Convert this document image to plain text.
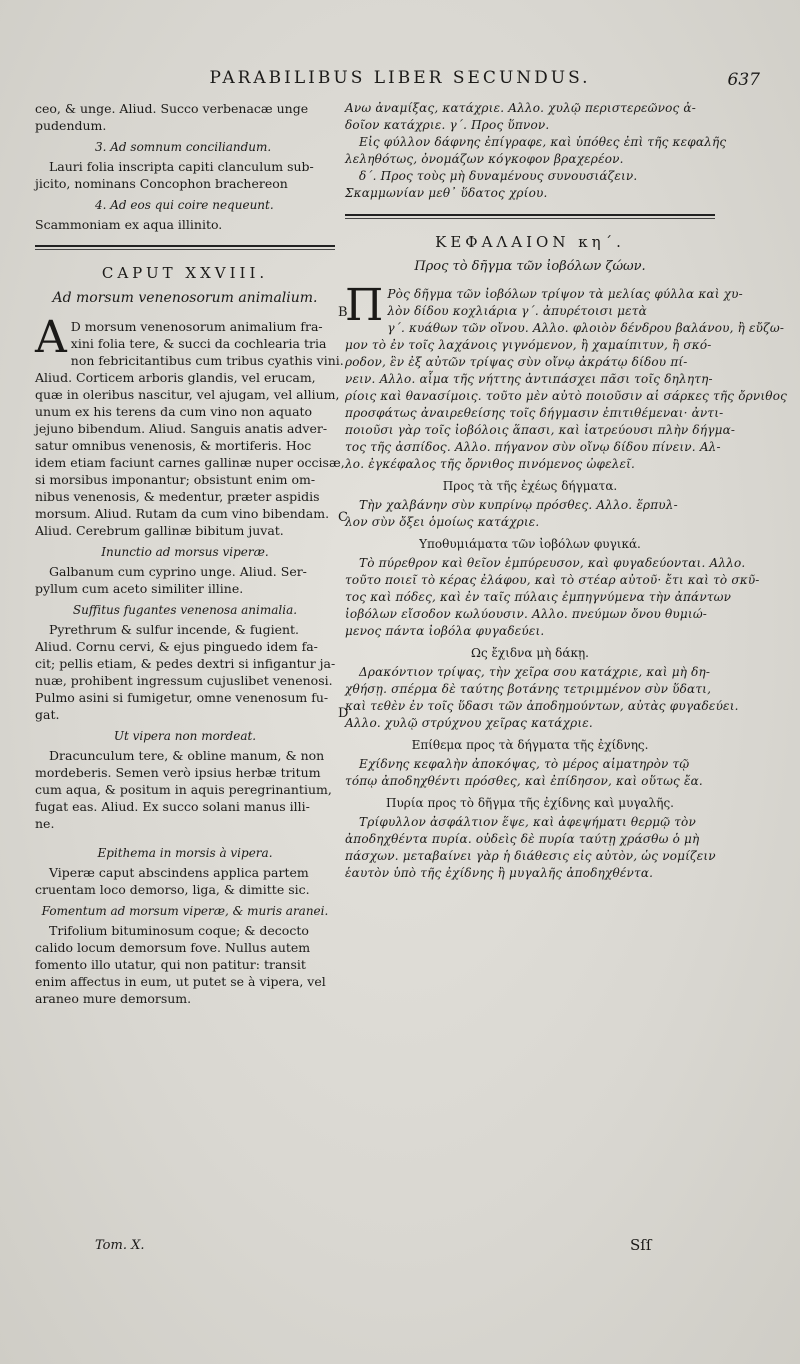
PARABILIBUS LIBER SECUNDUS.	637
ceo, & unge. Aliud. Succo verbenacæ unge
pudendum.
3. Ad somnum conciliandum.
Lauri folia inscripta capiti clanculum sub-
jicito, nominans Concophon brachereon
4. Ad eos qui coire nequeunt.
Scammoniam ex aqua illinito.
CAPUT XXVIII.
Ad morsum venenosorum animalium.
A D morsum venenosorum animalium fra-
xini folia tere, & succi da cochlearia tria
non febricitantibus cum tribus cyathis vini.
Aliud. Corticem arboris glandis, vel erucam,
quæ in oleribus nascitur, vel ajugam, vel allium,
unum ex his terens da cum vino non aquato
jejuno bibendum. Aliud. Sanguis anatis adver-
satur omnibus venenosis, & mortiferis. Hoc
idem etiam faciunt carnes gallinæ nuper occisæ,
si morsibus imponantur; obsistunt enim om-
nibus venenosis, & medentur, præter aspidis
morsum. Aliud. Rutam da cum vino bibendam.
Aliud. Cerebrum gallinæ bibitum juvat.
Inunctio ad morsus viperæ.
Galbanum cum cyprino unge. Aliud. Ser-
pyllum cum aceto similiter illine.
Suffitus fugantes venenosa animalia.
Pyrethrum & sulfur incende, & fugient.
Aliud. Cornu cervi, & ejus pinguedo idem fa-
cit; pellis etiam, & pedes dextri si infigantur ja-
nuæ, prohibent ingressum cujuslibet venenosi.
Pulmo asini si fumigetur, omne venenosum fu-
gat.
Ut vipera non mordeat.
Dracunculum tere, & obline manum, & non
mordeberis. Semen verò ipsius herbæ tritum
cum aqua, & positum in aquis peregrinantium,
fugat eas. Aliud. Ex succo solani manus illi-
ne.
Epithema in morsis à vipera.
Viperæ caput abscindens applica partem
cruentam loco demorso, liga, & dimitte sic.
Fomentum ad morsum viperæ, & muris aranei.
Trifolium bituminosum coque; & decocto
calido locum demorsum fove. Nullus autem
fomento illo utatur, qui non patitur: transit
enim affectus in eum, ut putet se à vipera, vel
araneo mure demorsum.
B
C
D
Ανω ἀναμίξας, κατάχριε. Αλλο. χυλῷ περιστερεῶνος ἀ-
δοῖον κατάχριε. γ΄. Προς ὕπνον.
Εἰς φύλλον δάφνης ἐπίγραφε, καὶ ὑπόθες ἐπὶ τῆς κεφαλῆς
λεληθότως, ὀνομάζων κόγκοφον βραχερέον.
δ΄. Προς τοὺς μὴ δυναμένους συνουσιάζειν.
Σκαμμωνίαν μεθ᾽ ὕδατος χρίου.
ΚΕΦΑΛΑΙΟΝ κη΄.
Προς τὸ δῆγμα τῶν ἰοβόλων ζώων.
Π Ρὸς δῆγμα τῶν ἰοβόλων τρίψον τὰ μελίας φύλλα καὶ χυ-
λὸν δίδου κοχλιάρια γ΄. ἀπυρέτοισι μετὰ
γ΄. κυάθων τῶν οἴνου. Αλλο. φλοιὸν δένδρου βαλάνου, ἢ εὔζω-
μον τὸ ἐν τοῖς λαχάνοις γιγνόμενον, ἢ χαμαίπιτυν, ἢ σκό-
ροδον, ἓν ἐξ αὐτῶν τρίψας σὺν οἴνῳ ἀκράτῳ δίδου πί-
νειν. Αλλο. αἷμα τῆς νήττης ἀντιπάσχει πᾶσι τοῖς δηλητη-
ρίοις καὶ θανασίμοις. τοῦτο μὲν αὐτὸ ποιοῦσιν αἱ σάρκες τῆς ὄρνιθος
προσφάτως ἀναιρεθείσης τοῖς δήγμασιν ἐπιτιθέμεναι· ἀντι-
ποιοῦσι γὰρ τοῖς ἰοβόλοις ἅπασι, καὶ ἰατρεύουσι πλὴν δήγμα-
τος τῆς ἀσπίδος. Αλλο. πήγανον σὺν οἴνῳ δίδου πίνειν. Αλ-
λο. ἐγκέφαλος τῆς ὄρνιθος πινόμενος ὠφελεῖ.
Προς τὰ τῆς ἐχέως δήγματα.
Τὴν χαλβάνην σὺν κυπρίνῳ πρόσθες. Αλλο. ἕρπυλ-
λον σὺν ὄξει ὁμοίως κατάχριε.
Υποθυμιάματα τῶν ἰοβόλων φυγικά.
Τὸ πύρεθρον καὶ θεῖον ἐμπύρευσον, καὶ φυγαδεύονται. Αλλο.
τοῦτο ποιεῖ τὸ κέρας ἐλάφου, καὶ τὸ στέαρ αὐτοῦ· ἔτι καὶ τὸ σκῦ-
τος καὶ πόδες, καὶ ἐν ταῖς πύλαις ἐμπηγνύμενα τὴν ἀπάντων
ἰοβόλων εἴσοδον κωλύουσιν. Αλλο. πνεύμων ὄνου θυμιώ-
μενος πάντα ἰοβόλα φυγαδεύει.
Ως ἔχιδνα μὴ δάκῃ.
Δρακόντιον τρίψας, τὴν χεῖρα σου κατάχριε, καὶ μὴ δη-
χθήσῃ. σπέρμα δὲ ταύτης βοτάνης τετριμμένον σὺν ὕδατι,
καὶ τεθὲν ἐν τοῖς ὕδασι τῶν ἀποδημούντων, αὐτὰς φυγαδεύει.
Αλλο. χυλῷ στρύχνου χεῖρας κατάχριε.
Επίθεμα προς τὰ δήγματα τῆς ἐχίδνης.
Εχίδνης κεφαλὴν ἀποκόψας, τὸ μέρος αἱματηρὸν τῷ
τόπῳ ἀποδηχθέντι πρόσθες, καὶ ἐπίδησον, καὶ οὕτως ἔα.
Πυρία προς τὸ δῆγμα τῆς ἐχίδνης καὶ μυγαλῆς.
Τρίφυλλον ἀσφάλτιον ἕψε, καὶ ἀφεψήματι θερμῷ τὸν
ἀποδηχθέντα πυρία. οὐδεὶς δὲ πυρία ταύτῃ χράσθω ὁ μὴ
πάσχων. μεταβαίνει γὰρ ἡ διάθεσις εἰς αὐτὸν, ὡς νομίζειν
ἑαυτὸν ὑπὸ τῆς ἐχίδνης ἢ μυγαλῆς ἀποδηχθέντα.
Tom. X.	Sſſ
